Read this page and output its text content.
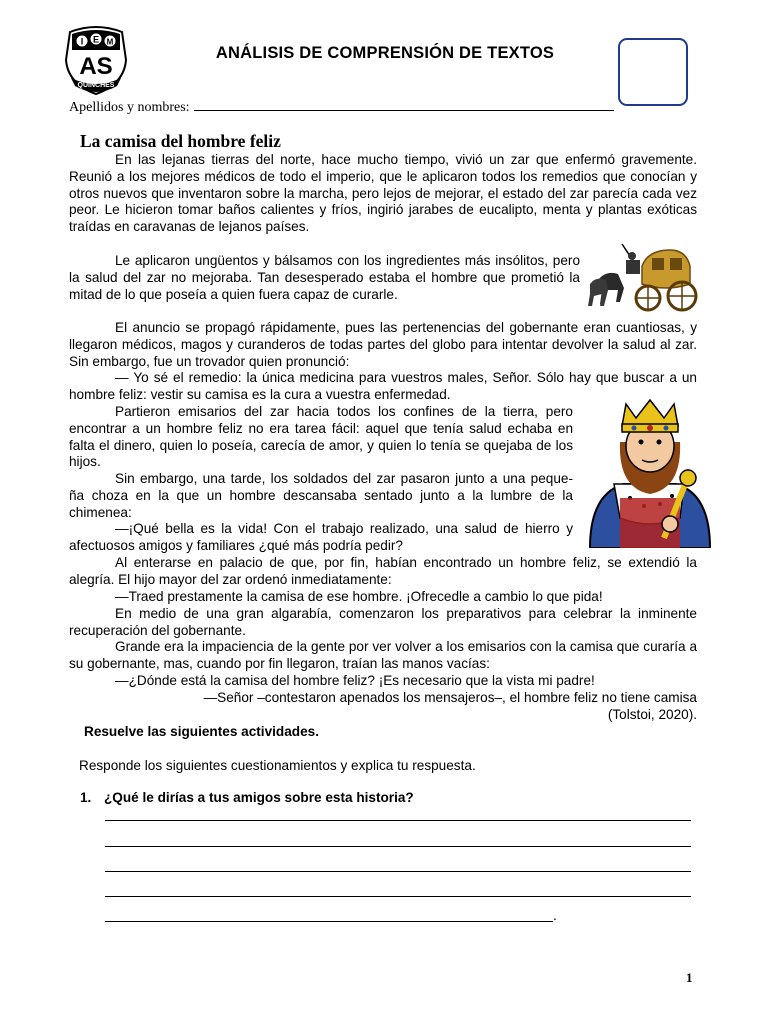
I E M
AS
QUINCHES
ANÁLISIS DE COMPRENSIÓN DE TEXTOS
Apellidos y nombres:
La camisa del hombre feliz
En las lejanas tierras del norte, hace mucho tiempo, vivió un zar que enfermó gravemente. Reunió a los mejores médicos de todo el imperio, que le aplicaron todos los remedios que conocían y otros nuevos que inventaron sobre la marcha, pero lejos de mejorar, el estado del zar parecía cada vez peor. Le hicieron tomar baños calientes y fríos, ingirió jarabes de eucalipto, menta y plantas exóticas traídas en caravanas de lejanos países.
Le aplicaron ungüentos y bálsamos con los ingredientes más insólitos, pero la salud del zar no mejoraba. Tan desesperado estaba el hombre que prometió la mitad de lo que poseía a quien fuera capaz de curarle.
El anuncio se propagó rápidamente, pues las pertenencias del gobernante eran cuantiosas, y llegaron médicos, magos y curanderos de todas partes del globo para intentar devolver la salud al zar. Sin embargo, fue un trovador quien pronunció:
— Yo sé el remedio: la única medicina para vuestros males, Señor. Sólo hay que buscar a un hombre feliz: vestir su camisa es la cura a vuestra enfermedad.
Partieron emisarios del zar hacia todos los confines de la tierra, pero encontrar a un hombre feliz no era tarea fácil: aquel que tenía salud echaba en falta el dinero, quien lo poseía, carecía de amor, y quien lo tenía se quejaba de los hijos.
Sin embargo, una tarde, los soldados del zar pasaron junto a una peque- ña choza en la que un hombre descansaba sentado junto a la lumbre de la chimenea:
—¡Qué bella es la vida! Con el trabajo realizado, una salud de hierro y afectuosos amigos y familiares ¿qué más podría pedir?
Al enterarse en palacio de que, por fin, habían encontrado un hombre feliz, se extendió la alegría. El hijo mayor del zar ordenó inmediatamente:
—Traed prestamente la camisa de ese hombre. ¡Ofrecedle a cambio lo que pida!
En medio de una gran algarabía, comenzaron los preparativos para celebrar la inminente recuperación del gobernante.
Grande era la impaciencia de la gente por ver volver a los emisarios con la camisa que curaría a su gobernante, mas, cuando por fin llegaron, traían las manos vacías:
—¿Dónde está la camisa del hombre feliz? ¡Es necesario que la vista mi padre!
—Señor –contestaron apenados los mensajeros–, el hombre feliz no tiene camisa
(Tolstoi, 2020).
Resuelve las siguientes actividades.
Responde los siguientes cuestionamientos y explica tu respuesta.
1. ¿Qué le dirías a tus amigos sobre esta historia?
.
1
